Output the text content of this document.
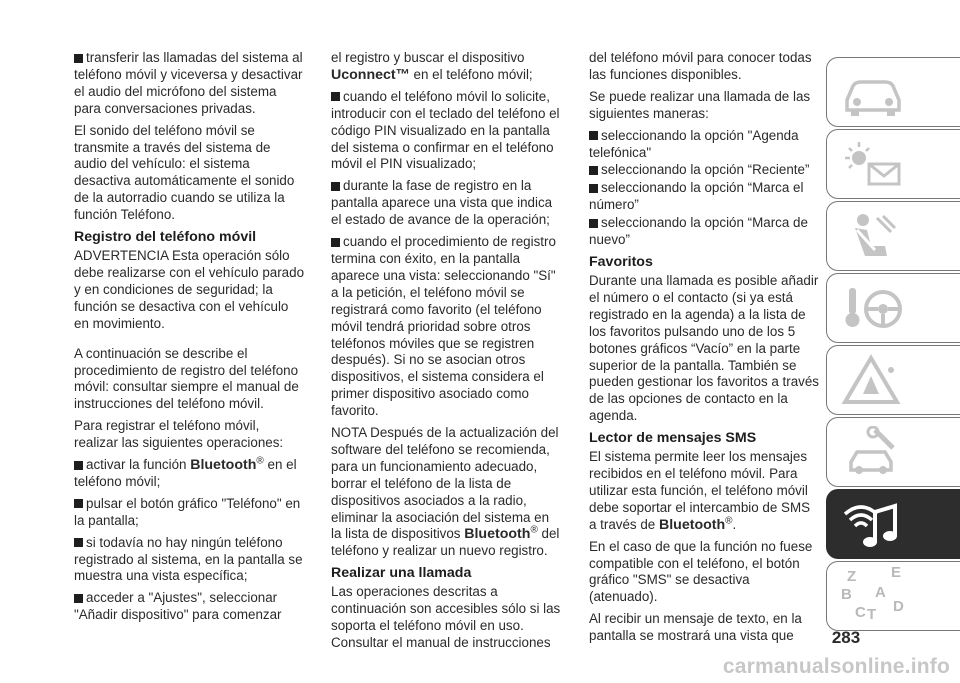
transferir las llamadas del sistema al teléfono móvil y viceversa y desactivar el audio del micrófono del sistema para conversaciones privadas.

El sonido del teléfono móvil se transmite a través del sistema de audio del vehículo: el sistema desactiva automáticamente el sonido de la autorradio cuando se utiliza la función Teléfono.

Registro del teléfono móvil

ADVERTENCIA Esta operación sólo debe realizarse con el vehículo parado y en condiciones de seguridad; la función se desactiva con el vehículo en movimiento.

A continuación se describe el procedimiento de registro del teléfono móvil: consultar siempre el manual de instrucciones del teléfono móvil.

Para registrar el teléfono móvil, realizar las siguientes operaciones:

activar la función Bluetooth® en el teléfono móvil;

pulsar el botón gráfico "Teléfono" en la pantalla;

si todavía no hay ningún teléfono registrado al sistema, en la pantalla se muestra una vista específica;

acceder a "Ajustes", seleccionar "Añadir dispositivo" para comenzar

el registro y buscar el dispositivo
Uconnect™ en el teléfono móvil;

cuando el teléfono móvil lo solicite, introducir con el teclado del teléfono el código PIN visualizado en la pantalla del sistema o confirmar en el teléfono móvil el PIN visualizado;

durante la fase de registro en la pantalla aparece una vista que indica el estado de avance de la operación;

cuando el procedimiento de registro termina con éxito, en la pantalla aparece una vista: seleccionando "Sí" a la petición, el teléfono móvil se registrará como favorito (el teléfono móvil tendrá prioridad sobre otros teléfonos móviles que se registren después). Si no se asocian otros dispositivos, el sistema considera el primer dispositivo asociado como favorito.

NOTA Después de la actualización del software del teléfono se recomienda, para un funcionamiento adecuado, borrar el teléfono de la lista de dispositivos asociados a la radio, eliminar la asociación del sistema en la lista de dispositivos Bluetooth® del teléfono y realizar un nuevo registro.

Realizar una llamada

Las operaciones descritas a continuación son accesibles sólo si las soporta el teléfono móvil en uso. Consultar el manual de instrucciones

del teléfono móvil para conocer todas las funciones disponibles.

Se puede realizar una llamada de las siguientes maneras:

seleccionando la opción "Agenda telefónica"

seleccionando la opción “Reciente”

seleccionando la opción “Marca el número”

seleccionando la opción “Marca de nuevo”

Favoritos

Durante una llamada es posible añadir el número o el contacto (si ya está registrado en la agenda) a la lista de los favoritos pulsando uno de los 5 botones gráficos “Vacío” en la parte superior de la pantalla. También se pueden gestionar los favoritos a través de las opciones de contacto en la agenda.

Lector de mensajes SMS

El sistema permite leer los mensajes recibidos en el teléfono móvil. Para utilizar esta función, el teléfono móvil debe soportar el intercambio de SMS a través de Bluetooth®.

En el caso de que la función no fuese compatible con el teléfono, el botón gráfico "SMS" se desactiva (atenuado).

Al recibir un mensaje de texto, en la pantalla se mostrará una vista que

Z E
B A
C T D
283
carmanualsonline.info
